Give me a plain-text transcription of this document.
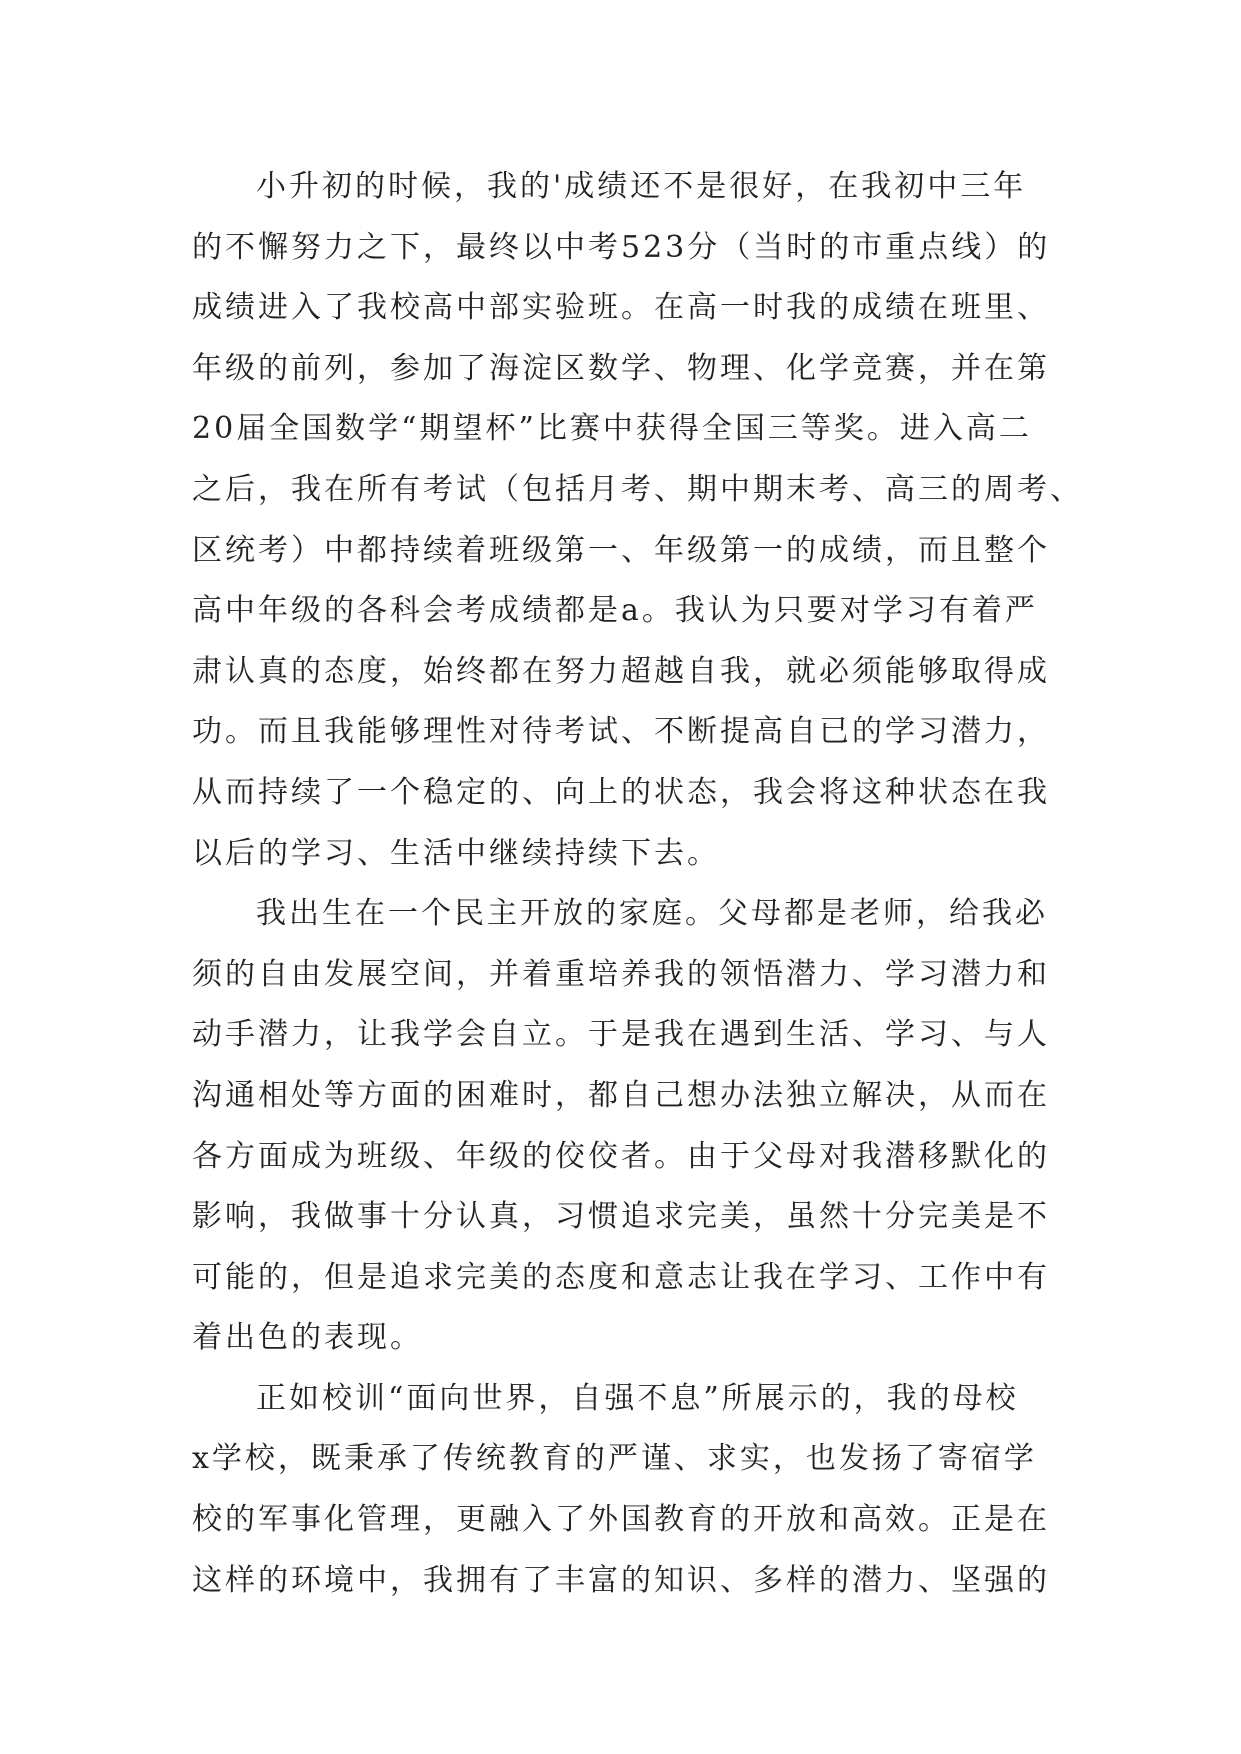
小升初的时候，我的'成绩还不是很好，在我初中三年
的不懈努力之下，最终以中考523分（当时的市重点线）的
成绩进入了我校高中部实验班。在高一时我的成绩在班里、
年级的前列，参加了海淀区数学、物理、化学竞赛，并在第
20届全国数学“期望杯”比赛中获得全国三等奖。进入高二
之后，我在所有考试（包括月考、期中期末考、高三的周考、
区统考）中都持续着班级第一、年级第一的成绩，而且整个
高中年级的各科会考成绩都是a。我认为只要对学习有着严
肃认真的态度，始终都在努力超越自我，就必须能够取得成
功。而且我能够理性对待考试、不断提高自已的学习潜力，
从而持续了一个稳定的、向上的状态，我会将这种状态在我
以后的学习、生活中继续持续下去。
我出生在一个民主开放的家庭。父母都是老师，给我必
须的自由发展空间，并着重培养我的领悟潜力、学习潜力和
动手潜力，让我学会自立。于是我在遇到生活、学习、与人
沟通相处等方面的困难时，都自己想办法独立解决，从而在
各方面成为班级、年级的佼佼者。由于父母对我潜移默化的
影响，我做事十分认真，习惯追求完美，虽然十分完美是不
可能的，但是追求完美的态度和意志让我在学习、工作中有
着出色的表现。
正如校训“面向世界，自强不息”所展示的，我的母校
x学校，既秉承了传统教育的严谨、求实，也发扬了寄宿学
校的军事化管理，更融入了外国教育的开放和高效。正是在
这样的环境中，我拥有了丰富的知识、多样的潜力、坚强的
